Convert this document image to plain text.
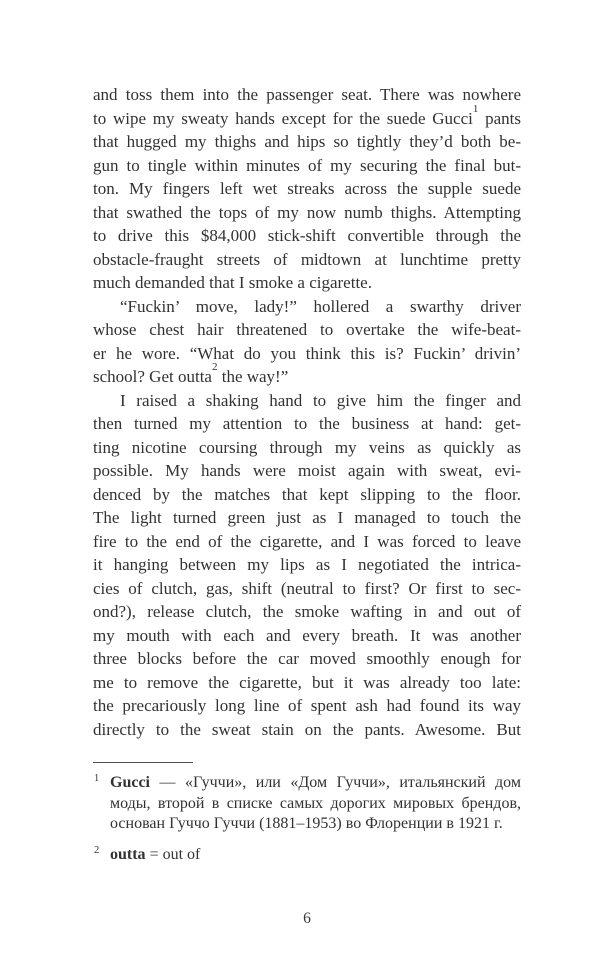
and toss them into the passenger seat. There was nowhere
to wipe my sweaty hands except for the suede Gucci$^1$ pants
that hugged my thighs and hips so tightly they’d both be-
gun to tingle within minutes of my securing the final but-
ton. My fingers left wet streaks across the supple suede
that swathed the tops of my now numb thighs. Attempting
to drive this $84,000 stick-shift convertible through the
obstacle-fraught streets of midtown at lunchtime pretty
much demanded that I smoke a cigarette.
“Fuckin’ move, lady!” hollered a swarthy driver
whose chest hair threatened to overtake the wife-beat-
er he wore. “What do you think this is? Fuckin’ drivin’
school? Get outta$^2$ the way!”
I raised a shaking hand to give him the finger and
then turned my attention to the business at hand: get-
ting nicotine coursing through my veins as quickly as
possible. My hands were moist again with sweat, evi-
denced by the matches that kept slipping to the floor.
The light turned green just as I managed to touch the
fire to the end of the cigarette, and I was forced to leave
it hanging between my lips as I negotiated the intrica-
cies of clutch, gas, shift (neutral to first? Or first to sec-
ond?), release clutch, the smoke wafting in and out of
my mouth with each and every breath. It was another
three blocks before the car moved smoothly enough for
me to remove the cigarette, but it was already too late:
the precariously long line of spent ash had found its way
directly to the sweat stain on the pants. Awesome. But
1 Gucci — «Гуччи», или «Дом Гуччи», итальянский дом
моды, второй в списке самых дорогих мировых брендов,
основан Гуччо Гуччи (1881–1953) во Флоренции в 1921 г.
2 outta = out of
6
